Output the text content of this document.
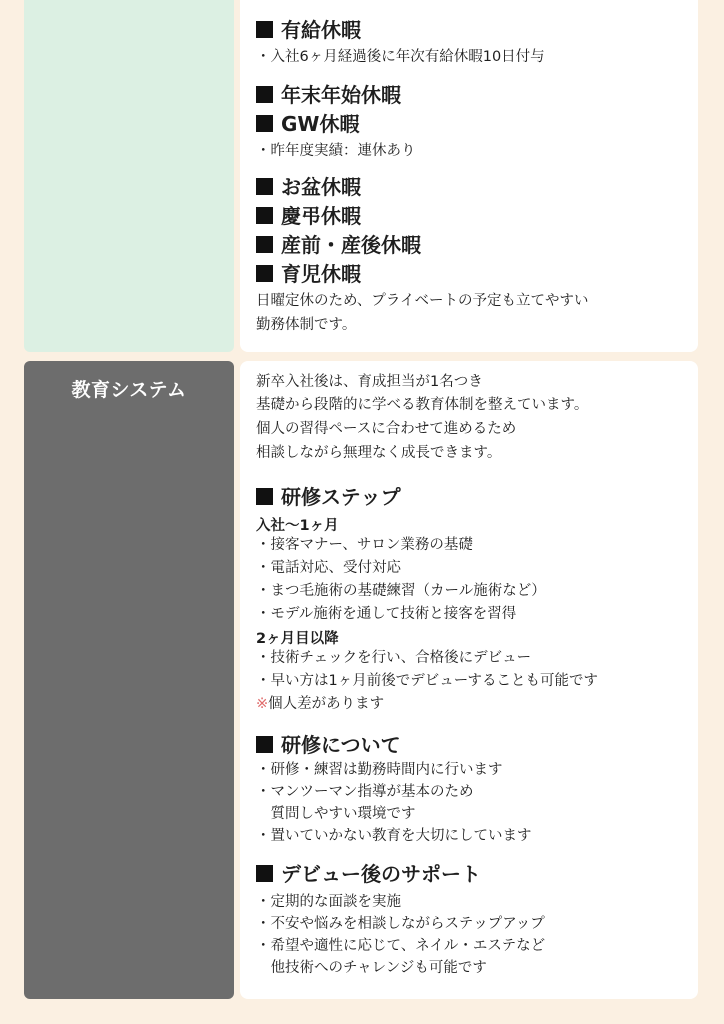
有給休暇
・入社6ヶ月経過後に年次有給休暇10日付与
年末年始休暇
GW休暇
・昨年度実績：連休あり
お盆休暇
慶弔休暇
産前・産後休暇
育児休暇
日曜定休のため、プライベートの予定も立てやすい
勤務体制です。
教育システム	新卒入社後は、育成担当が1名つき
基礎から段階的に学べる教育体制を整えています。
個人の習得ペースに合わせて進めるため
相談しながら無理なく成長できます。
研修ステップ
入社〜1ヶ月
・接客マナー、サロン業務の基礎
・電話対応、受付対応
・まつ毛施術の基礎練習（カール施術など）
・モデル施術を通して技術と接客を習得
2ヶ月目以降
・技術チェックを行い、合格後にデビュー
・早い方は1ヶ月前後でデビューすることも可能です
※個人差があります
研修について
・研修・練習は勤務時間内に行います
・マンツーマン指導が基本のため
　質問しやすい環境です
・置いていかない教育を大切にしています
デビュー後のサポート
・定期的な面談を実施
・不安や悩みを相談しながらステップアップ
・希望や適性に応じて、ネイル・エステなど
　他技術へのチャレンジも可能です
